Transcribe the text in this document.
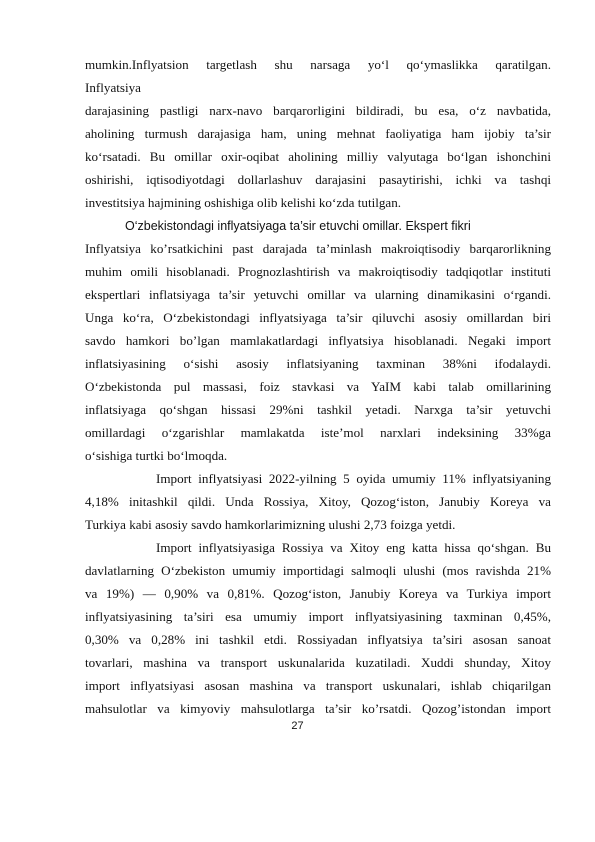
mumkin.Inflyatsion targetlash shu narsaga yo‘l qo‘ymaslikka qaratilgan.
Inflyatsiya
darajasining pastligi narx-navo barqarorligini bildiradi, bu esa, o‘z navbatida,
aholining turmush darajasiga ham, uning mehnat faoliyatiga ham ijobiy ta’sir
ko‘rsatadi. Bu omillar oxir-oqibat aholining milliy valyutaga bo‘lgan ishonchini
oshirishi, iqtisodiyotdagi dollarlashuv darajasini pasaytirishi, ichki va tashqi
investitsiya hajmining oshishiga olib kelishi ko‘zda tutilgan.
O‘zbekistondagi inflyatsiyaga ta’sir etuvchi omillar. Ekspert fikri
Inflyatsiya ko’rsatkichini past darajada ta’minlash makroiqtisodiy barqarorlikning
muhim omili hisoblanadi. Prognozlashtirish va makroiqtisodiy tadqiqotlar instituti
ekspertlari inflatsiyaga ta’sir yetuvchi omillar va ularning dinamikasini o‘rgandi.
Unga ko‘ra, O‘zbekistondagi inflyatsiyaga ta’sir qiluvchi asosiy omillardan biri
savdo hamkori bo’lgan mamlakatlardagi inflyatsiya hisoblanadi. Negaki import
inflatsiyasining o‘sishi asosiy inflatsiyaning taxminan 38%ni ifodalaydi.
O‘zbekistonda pul massasi, foiz stavkasi va YaIM kabi talab omillarining
inflatsiyaga qo‘shgan hissasi 29%ni tashkil yetadi. Narxga ta’sir yetuvchi
omillardagi o‘zgarishlar mamlakatda iste’mol narxlari indeksining 33%ga
o‘sishiga turtki bo‘lmoqda.
Import inflyatsiyasi 2022-yilning 5 oyida umumiy 11% inflyatsiyaning
4,18% initashkil qildi. Unda Rossiya, Xitoy, Qozog‘iston, Janubiy Koreya va
Turkiya kabi asosiy savdo hamkorlarimizning ulushi 2,73 foizga yetdi.
Import inflyatsiyasiga Rossiya va Xitoy eng katta hissa qo‘shgan. Bu
davlatlarning O‘zbekiston umumiy importidagi salmoqli ulushi (mos ravishda 21%
va 19%) — 0,90% va 0,81%. Qozog‘iston, Janubiy Koreya va Turkiya import
inflyatsiyasining ta’siri esa umumiy import inflyatsiyasining taxminan 0,45%,
0,30% va 0,28% ini tashkil etdi. Rossiyadan inflyatsiya ta’siri asosan sanoat
tovarlari, mashina va transport uskunalarida kuzatiladi. Xuddi shunday, Xitoy
import inflyatsiyasi asosan mashina va transport uskunalari, ishlab chiqarilgan
mahsulotlar va kimyoviy mahsulotlarga ta’sir ko’rsatdi. Qozog’istondan import
27
